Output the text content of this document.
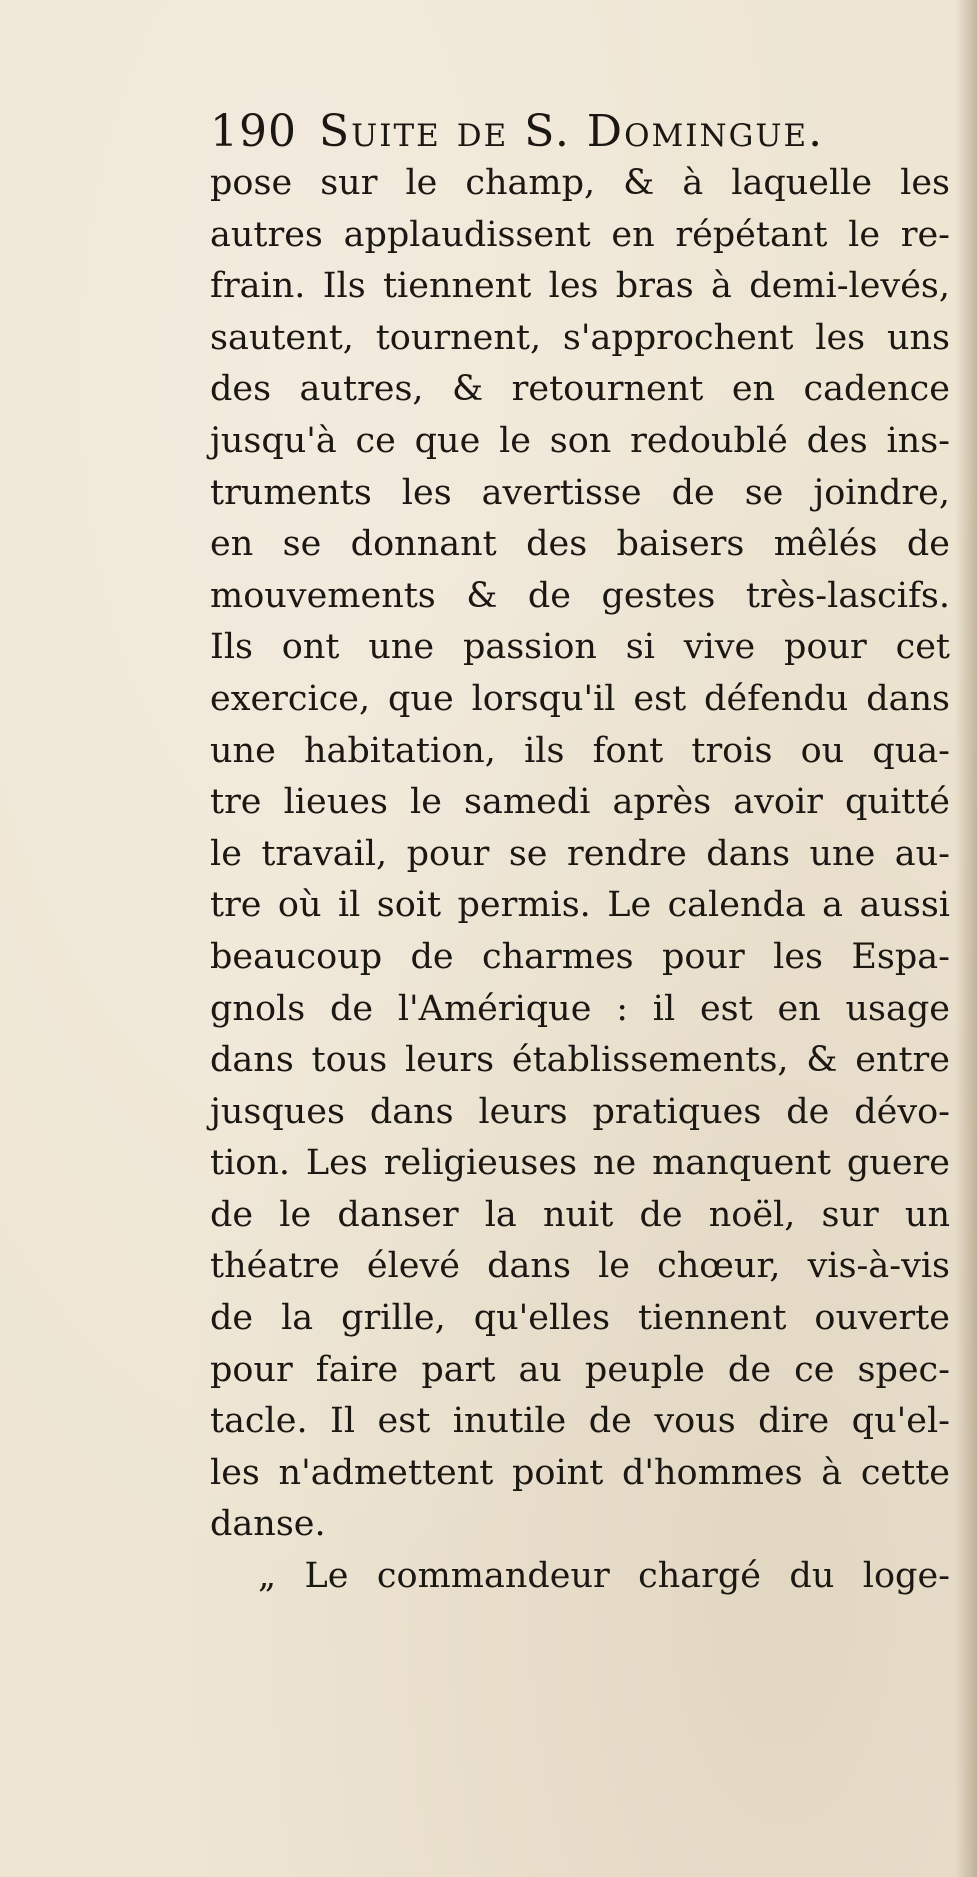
190 Suite de S. Domingue.
pose sur le champ, & à laquelle les
autres applaudissent en répétant le re-
frain. Ils tiennent les bras à demi-levés,
sautent, tournent, s'approchent les uns
des autres, & retournent en cadence
jusqu'à ce que le son redoublé des ins-
truments les avertisse de se joindre,
en se donnant des baisers mêlés de
mouvements & de gestes très-lascifs.
Ils ont une passion si vive pour cet
exercice, que lorsqu'il est défendu dans
une habitation, ils font trois ou qua-
tre lieues le samedi après avoir quitté
le travail, pour se rendre dans une au-
tre où il soit permis. Le calenda a aussi
beaucoup de charmes pour les Espa-
gnols de l'Amérique : il est en usage
dans tous leurs établissements, & entre
jusques dans leurs pratiques de dévo-
tion. Les religieuses ne manquent guere
de le danser la nuit de noël, sur un
théatre élevé dans le chœur, vis-à-vis
de la grille, qu'elles tiennent ouverte
pour faire part au peuple de ce spec-
tacle. Il est inutile de vous dire qu'el-
les n'admettent point d'hommes à cette
danse.
„ Le commandeur chargé du loge-
